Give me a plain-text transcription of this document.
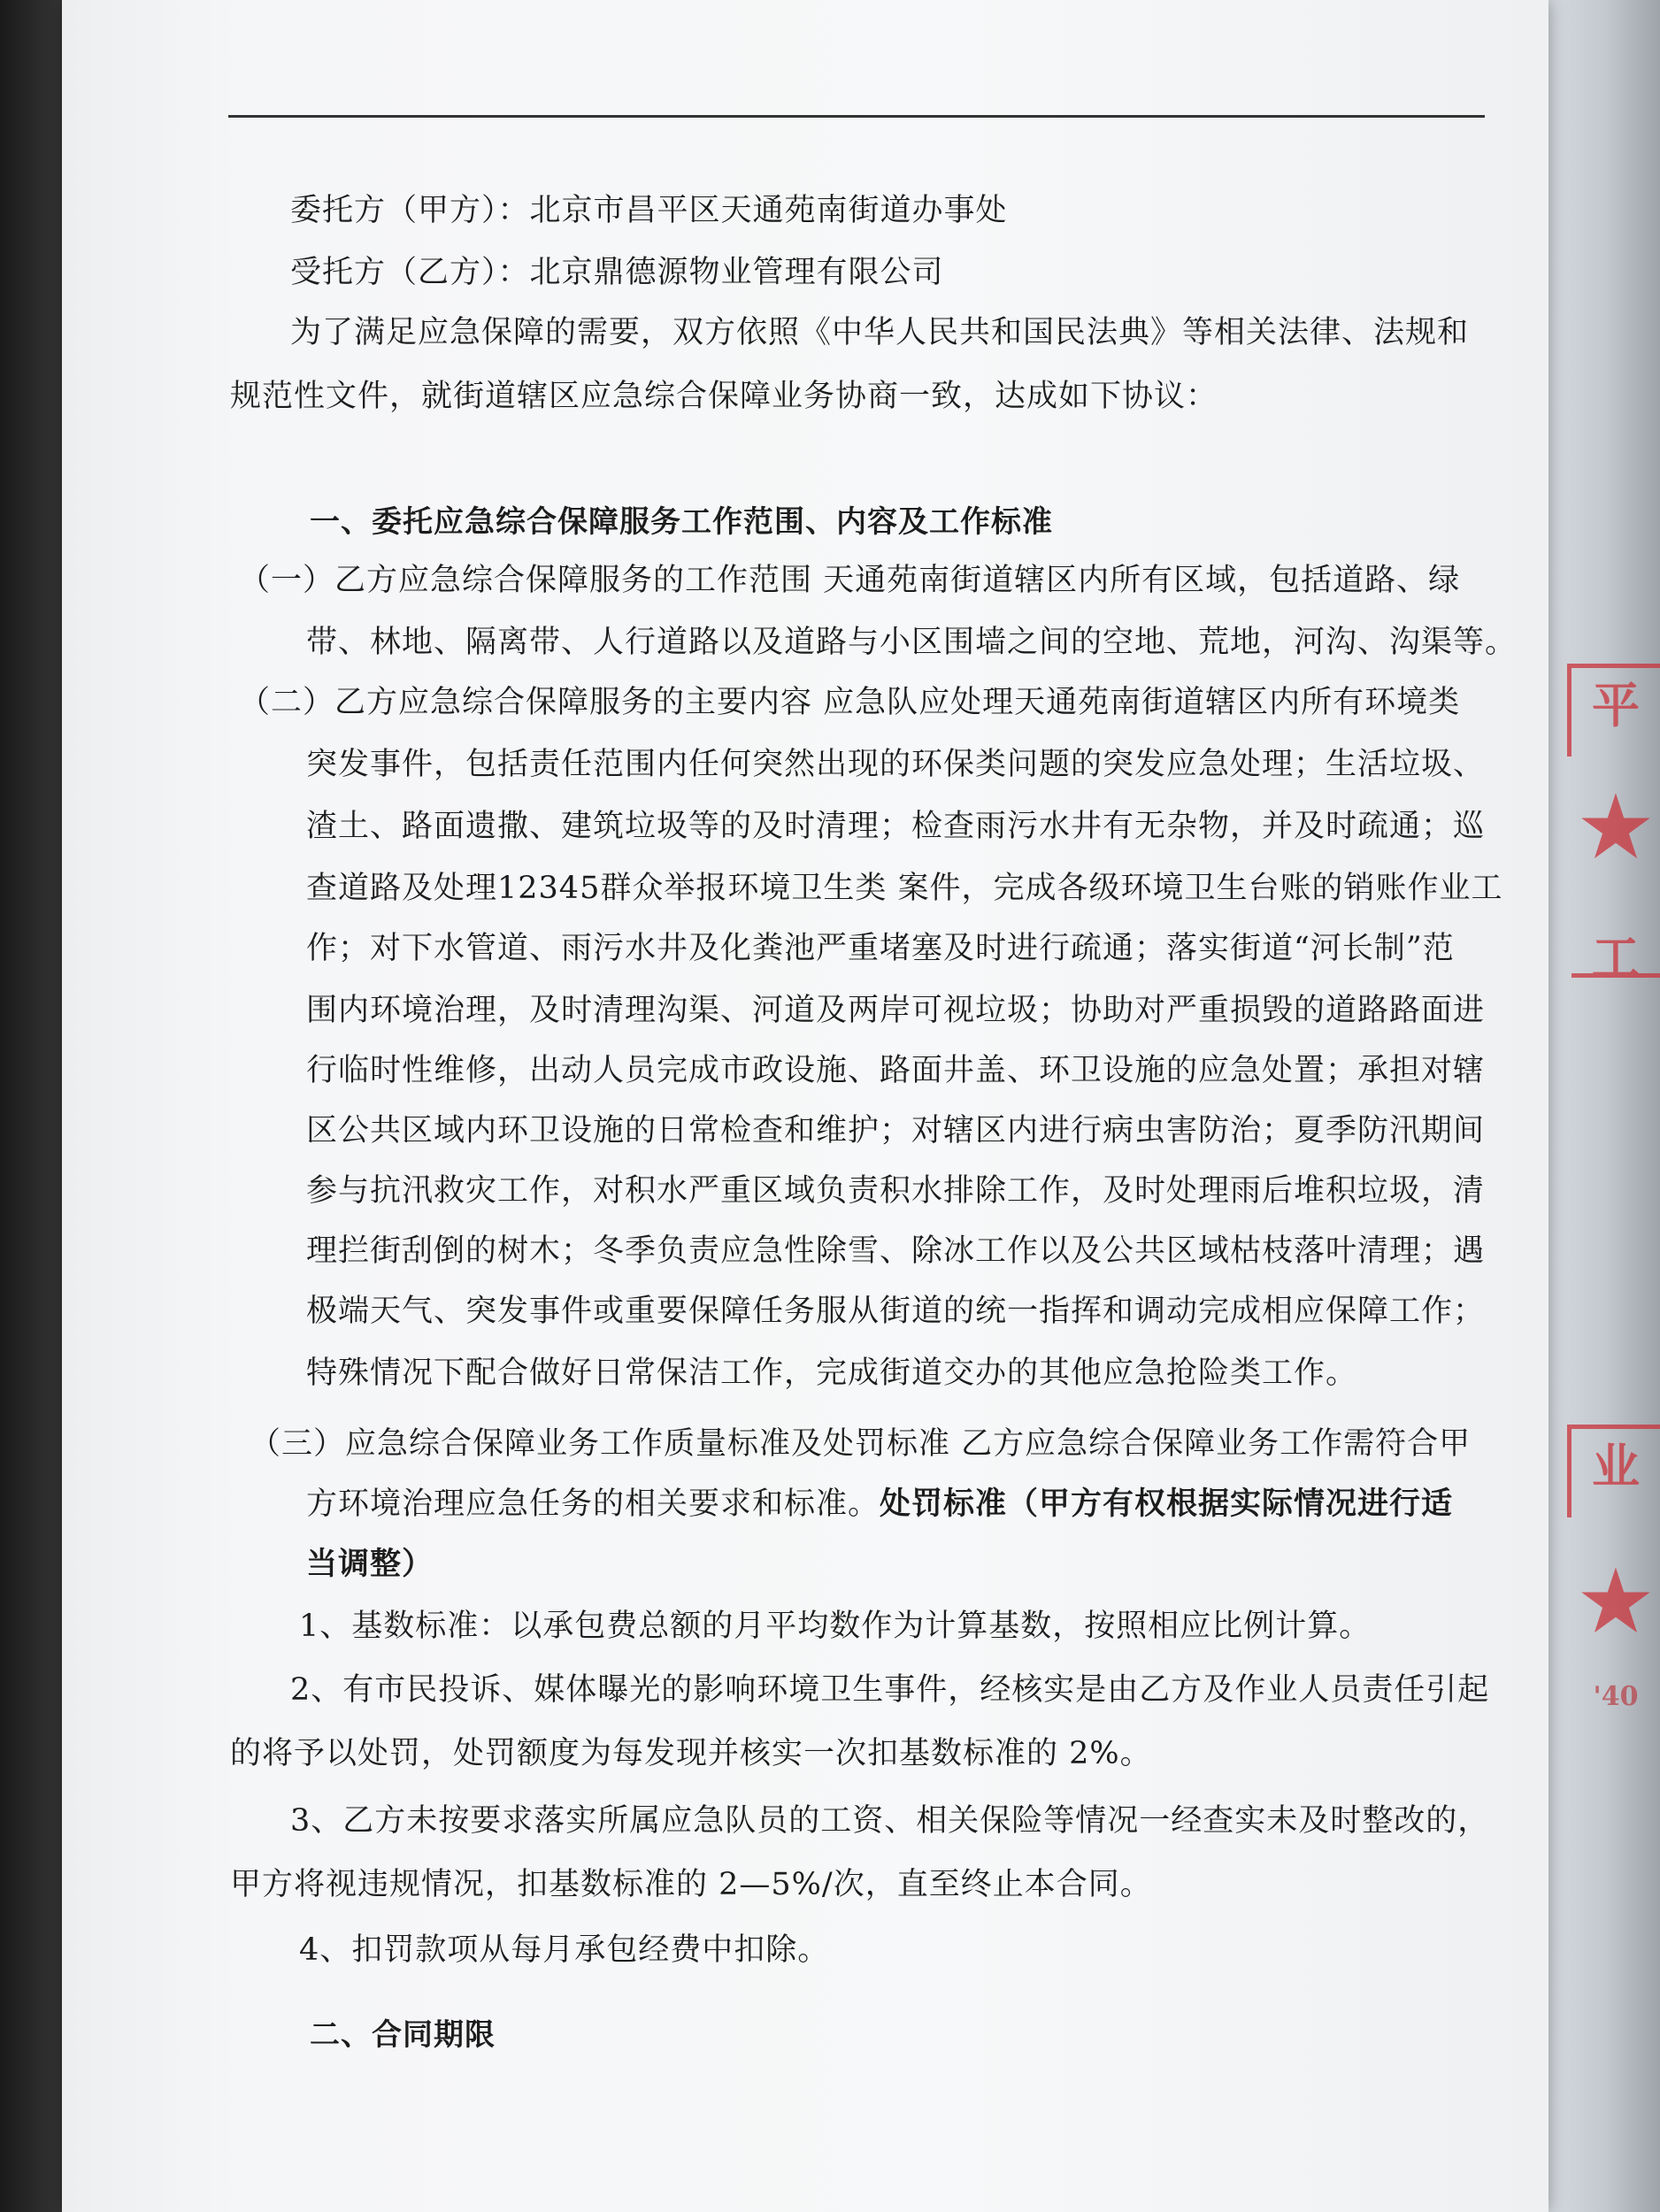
平
★
工
业
★
'40
委托方（甲方）：北京市昌平区天通苑南街道办事处
受托方（乙方）：北京鼎德源物业管理有限公司
为了满足应急保障的需要，双方依照《中华人民共和国民法典》等相关法律、法规和
规范性文件，就街道辖区应急综合保障业务协商一致，达成如下协议：
一、委托应急综合保障服务工作范围、内容及工作标准
（一）乙方应急综合保障服务的工作范围 天通苑南街道辖区内所有区域，包括道路、绿
带、林地、隔离带、人行道路以及道路与小区围墙之间的空地、荒地，河沟、沟渠等。
（二）乙方应急综合保障服务的主要内容 应急队应处理天通苑南街道辖区内所有环境类
突发事件，包括责任范围内任何突然出现的环保类问题的突发应急处理；生活垃圾、
渣土、路面遗撒、建筑垃圾等的及时清理；检查雨污水井有无杂物，并及时疏通；巡
查道路及处理12345群众举报环境卫生类 案件，完成各级环境卫生台账的销账作业工
作；对下水管道、雨污水井及化粪池严重堵塞及时进行疏通；落实街道“河长制”范
围内环境治理，及时清理沟渠、河道及两岸可视垃圾；协助对严重损毁的道路路面进
行临时性维修，出动人员完成市政设施、路面井盖、环卫设施的应急处置；承担对辖
区公共区域内环卫设施的日常检查和维护；对辖区内进行病虫害防治；夏季防汛期间
参与抗汛救灾工作，对积水严重区域负责积水排除工作，及时处理雨后堆积垃圾，清
理拦街刮倒的树木；冬季负责应急性除雪、除冰工作以及公共区域枯枝落叶清理；遇
极端天气、突发事件或重要保障任务服从街道的统一指挥和调动完成相应保障工作；
特殊情况下配合做好日常保洁工作，完成街道交办的其他应急抢险类工作。
（三）应急综合保障业务工作质量标准及处罚标准 乙方应急综合保障业务工作需符合甲
方环境治理应急任务的相关要求和标准。处罚标准（甲方有权根据实际情况进行适
当调整）
1、基数标准：以承包费总额的月平均数作为计算基数，按照相应比例计算。
2、有市民投诉、媒体曝光的影响环境卫生事件，经核实是由乙方及作业人员责任引起
的将予以处罚，处罚额度为每发现并核实一次扣基数标准的 2%。
3、乙方未按要求落实所属应急队员的工资、相关保险等情况一经查实未及时整改的，
甲方将视违规情况，扣基数标准的 2—5%/次，直至终止本合同。
4、扣罚款项从每月承包经费中扣除。
二、合同期限
